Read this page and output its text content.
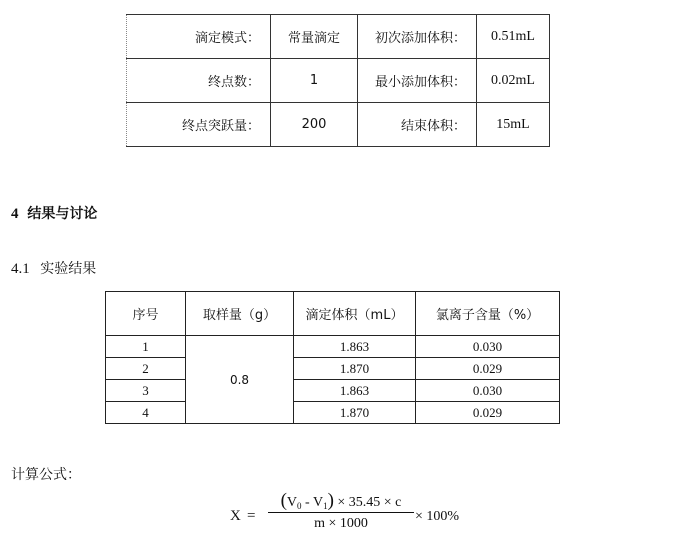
滴定模式：	常量滴定	初次添加体积：	0.51mL
终点数：	1	最小添加体积：	0.02mL
终点突跃量：	200	结束体积：	15mL
4 结果与讨论
4.1 实验结果
序号	取样量（g）	滴定体积（mL）	氯离子含量（%）
1	0.8	1.863	0.030
2		1.870	0.029
3		1.863	0.030
4		1.870	0.029
计算公式：
X =
$(V_0 - V_1) \times 35.45 \times c$
m × 1000	× 100%
